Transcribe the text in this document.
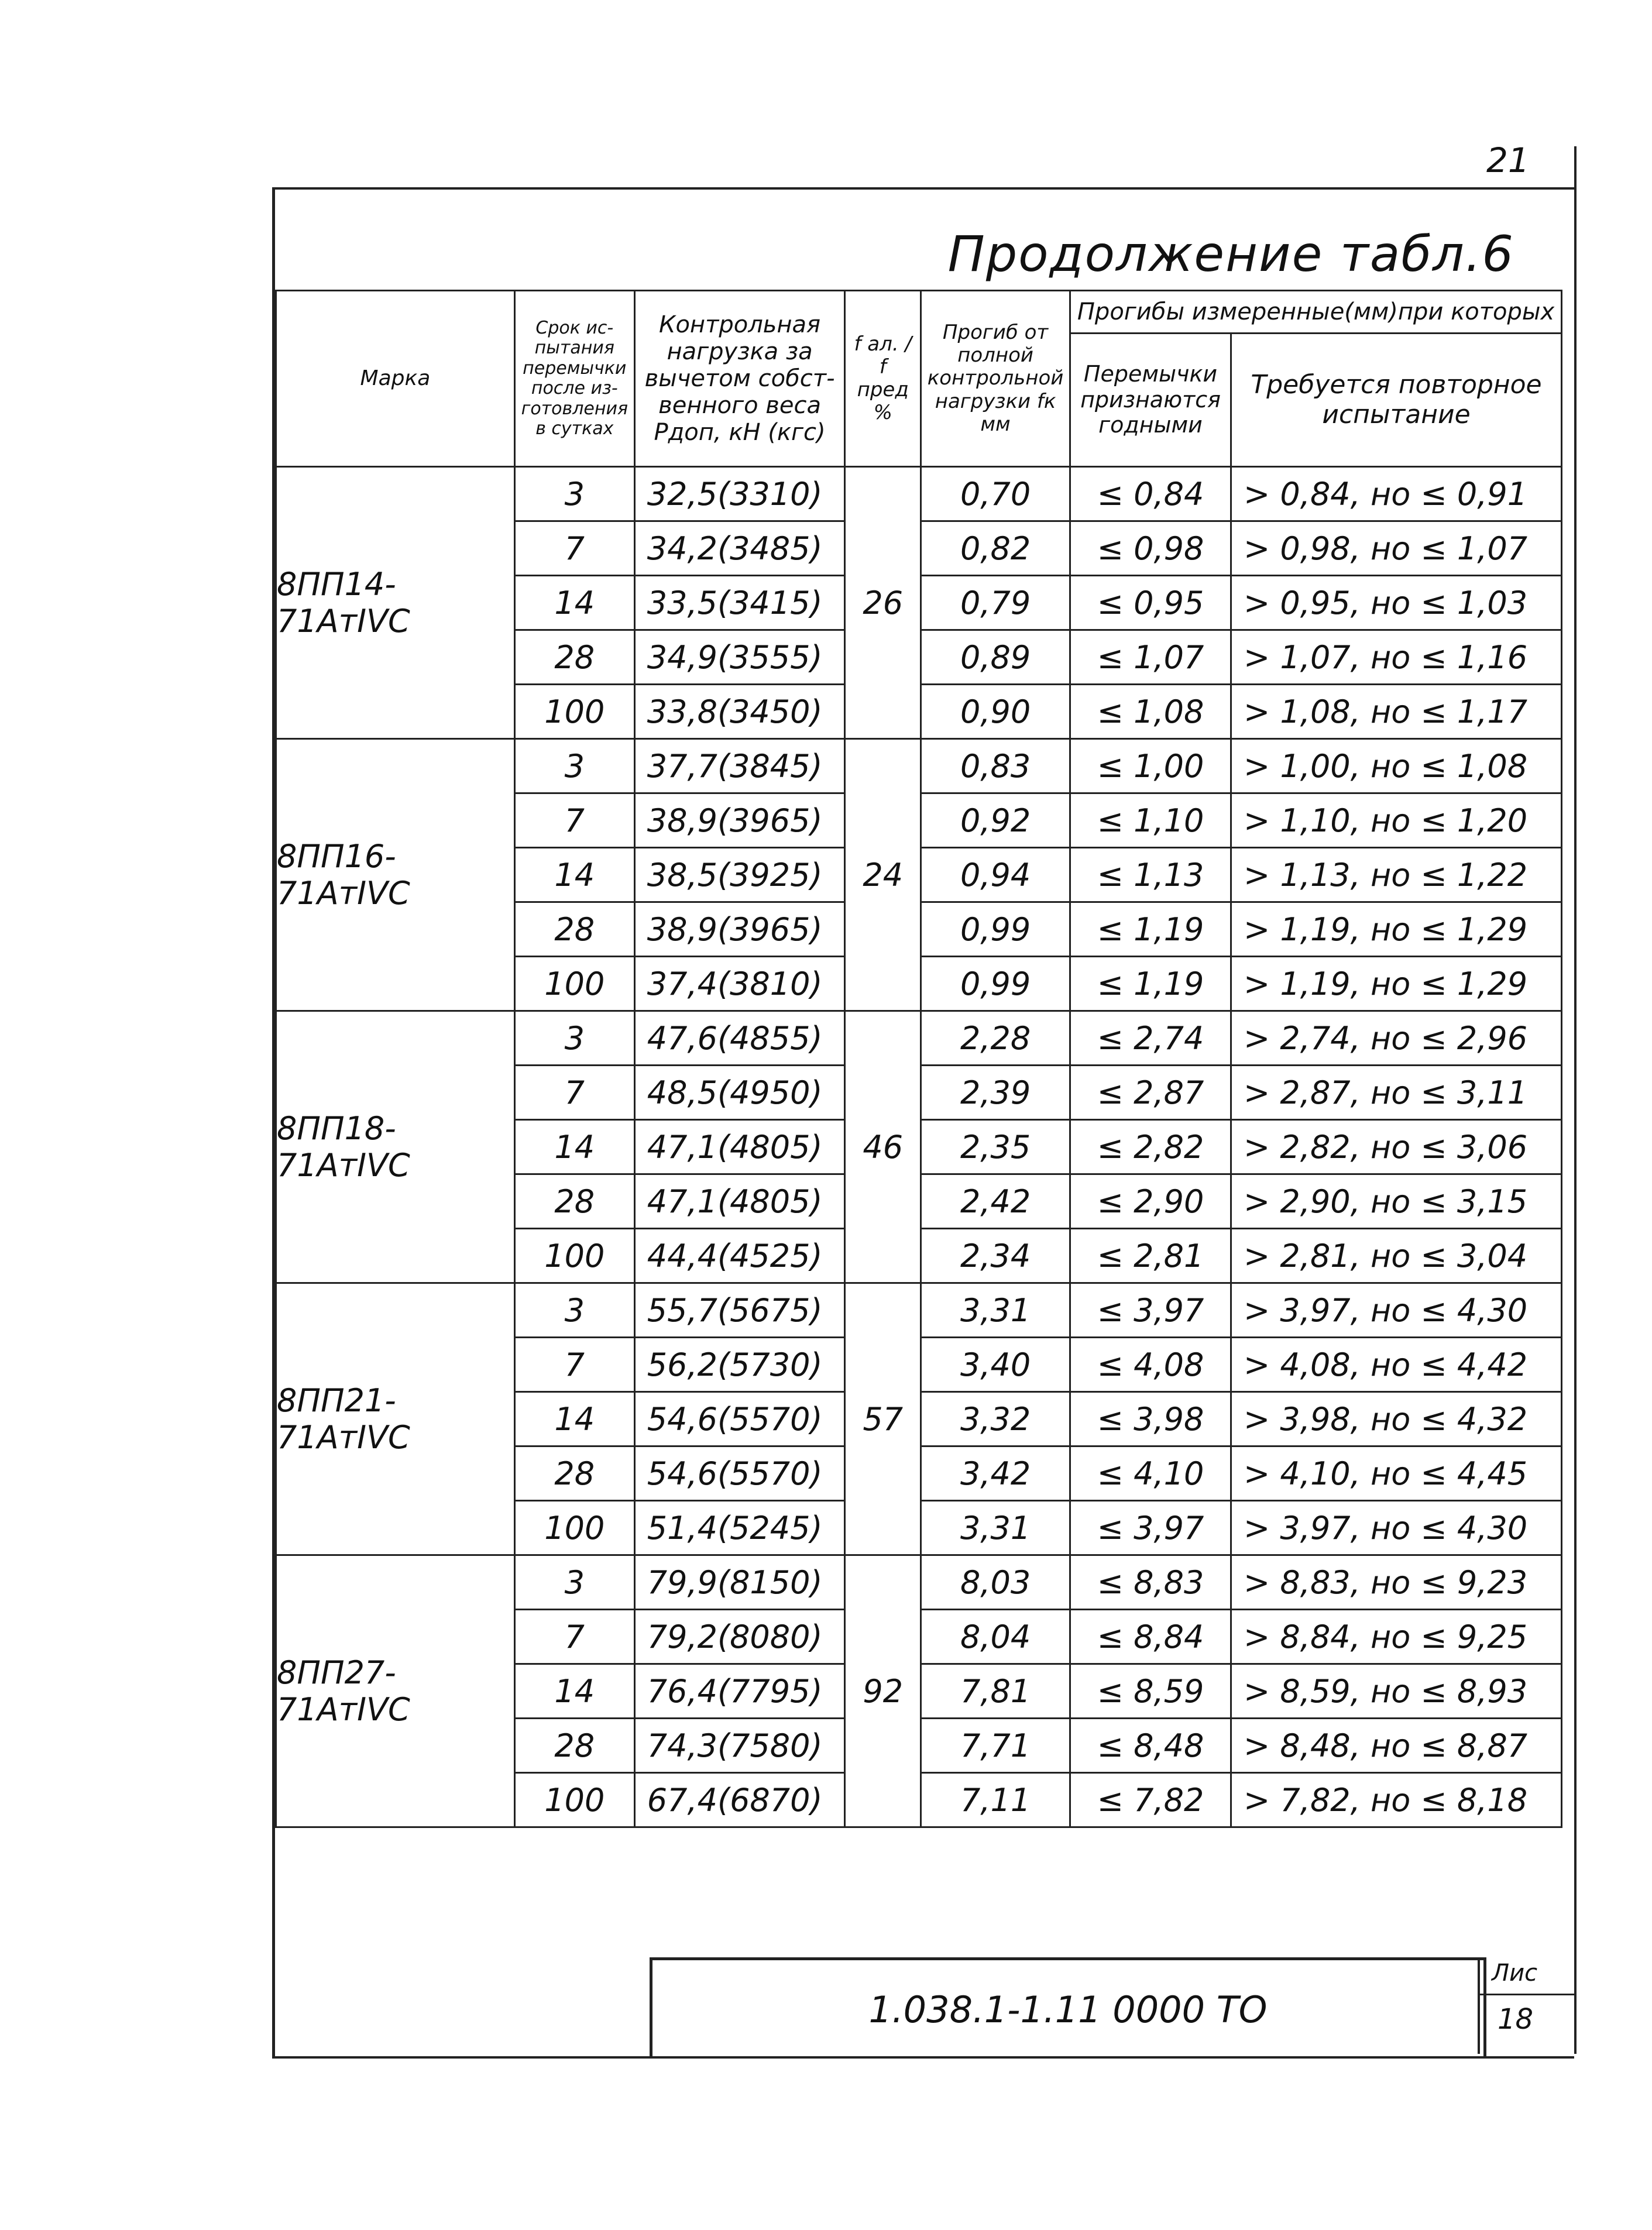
21
Продолжение табл.6
Марка	Срок ис-пытания перемычки после из-готовления в сутках	Контрольная нагрузка за вычетом собст-венного веса Рдоп, кН (кгс)	f ал. / f пред %	Прогиб от полной контрольной нагрузки fк мм	Прогибы измеренные(мм)при которых	
					Перемычки признаются годными	Требуется повторное испытание
8ПП14-71АтIVС	3	32,5(3310)	26	0,70	≤ 0,84	> 0,84, но ≤ 0,91
	7	34,2(3485)		0,82	≤ 0,98	> 0,98, но ≤ 1,07
	14	33,5(3415)		0,79	≤ 0,95	> 0,95, но ≤ 1,03
	28	34,9(3555)		0,89	≤ 1,07	> 1,07, но ≤ 1,16
	100	33,8(3450)		0,90	≤ 1,08	> 1,08, но ≤ 1,17
8ПП16-71АтIVС	3	37,7(3845)	24	0,83	≤ 1,00	> 1,00, но ≤ 1,08
	7	38,9(3965)		0,92	≤ 1,10	> 1,10, но ≤ 1,20
	14	38,5(3925)		0,94	≤ 1,13	> 1,13, но ≤ 1,22
	28	38,9(3965)		0,99	≤ 1,19	> 1,19, но ≤ 1,29
	100	37,4(3810)		0,99	≤ 1,19	> 1,19, но ≤ 1,29
8ПП18-71АтIVС	3	47,6(4855)	46	2,28	≤ 2,74	> 2,74, но ≤ 2,96
	7	48,5(4950)		2,39	≤ 2,87	> 2,87, но ≤ 3,11
	14	47,1(4805)		2,35	≤ 2,82	> 2,82, но ≤ 3,06
	28	47,1(4805)		2,42	≤ 2,90	> 2,90, но ≤ 3,15
	100	44,4(4525)		2,34	≤ 2,81	> 2,81, но ≤ 3,04
8ПП21-71АтIVС	3	55,7(5675)	57	3,31	≤ 3,97	> 3,97, но ≤ 4,30
	7	56,2(5730)		3,40	≤ 4,08	> 4,08, но ≤ 4,42
	14	54,6(5570)		3,32	≤ 3,98	> 3,98, но ≤ 4,32
	28	54,6(5570)		3,42	≤ 4,10	> 4,10, но ≤ 4,45
	100	51,4(5245)		3,31	≤ 3,97	> 3,97, но ≤ 4,30
8ПП27-71АтIVС	3	79,9(8150)	92	8,03	≤ 8,83	> 8,83, но ≤ 9,23
	7	79,2(8080)		8,04	≤ 8,84	> 8,84, но ≤ 9,25
	14	76,4(7795)		7,81	≤ 8,59	> 8,59, но ≤ 8,93
	28	74,3(7580)		7,71	≤ 8,48	> 8,48, но ≤ 8,87
	100	67,4(6870)		7,11	≤ 7,82	> 7,82, но ≤ 8,18
1.038.1-1.11 0000 ТО
Лис
18
